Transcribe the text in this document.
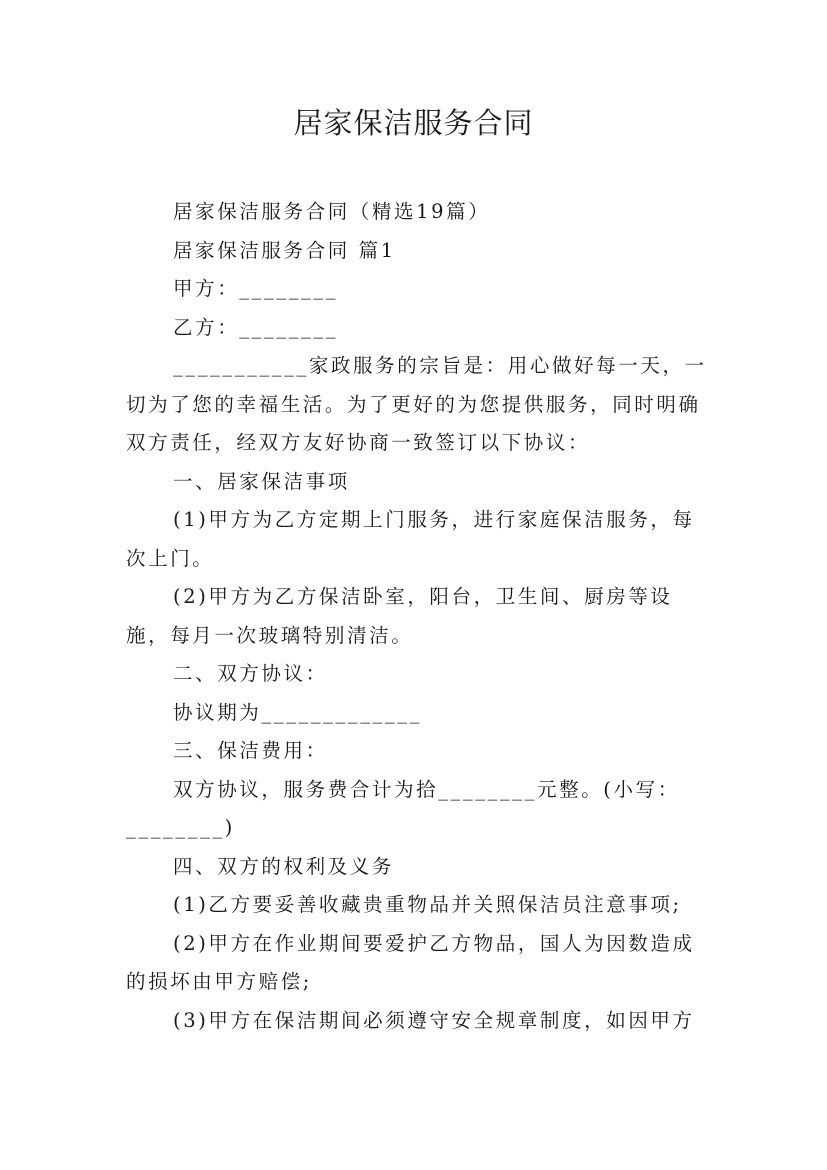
居家保洁服务合同

居家保洁服务合同（精选19篇）

居家保洁服务合同 篇1

甲方：________

乙方：________

___________家政服务的宗旨是：用心做好每一天，一切为了您的幸福生活。为了更好的为您提供服务，同时明确双方责任，经双方友好协商一致签订以下协议：

一、居家保洁事项

(1)甲方为乙方定期上门服务，进行家庭保洁服务，每次上门。

(2)甲方为乙方保洁卧室，阳台，卫生间、厨房等设施，每月一次玻璃特别清洁。

二、双方协议：

协议期为_____________

三、保洁费用：

双方协议，服务费合计为拾________元整。(小写：________)

四、双方的权利及义务

(1)乙方要妥善收藏贵重物品并关照保洁员注意事项;

(2)甲方在作业期间要爱护乙方物品，国人为因数造成的损坏由甲方赔偿;

(3)甲方在保洁期间必须遵守安全规章制度，如因甲方
